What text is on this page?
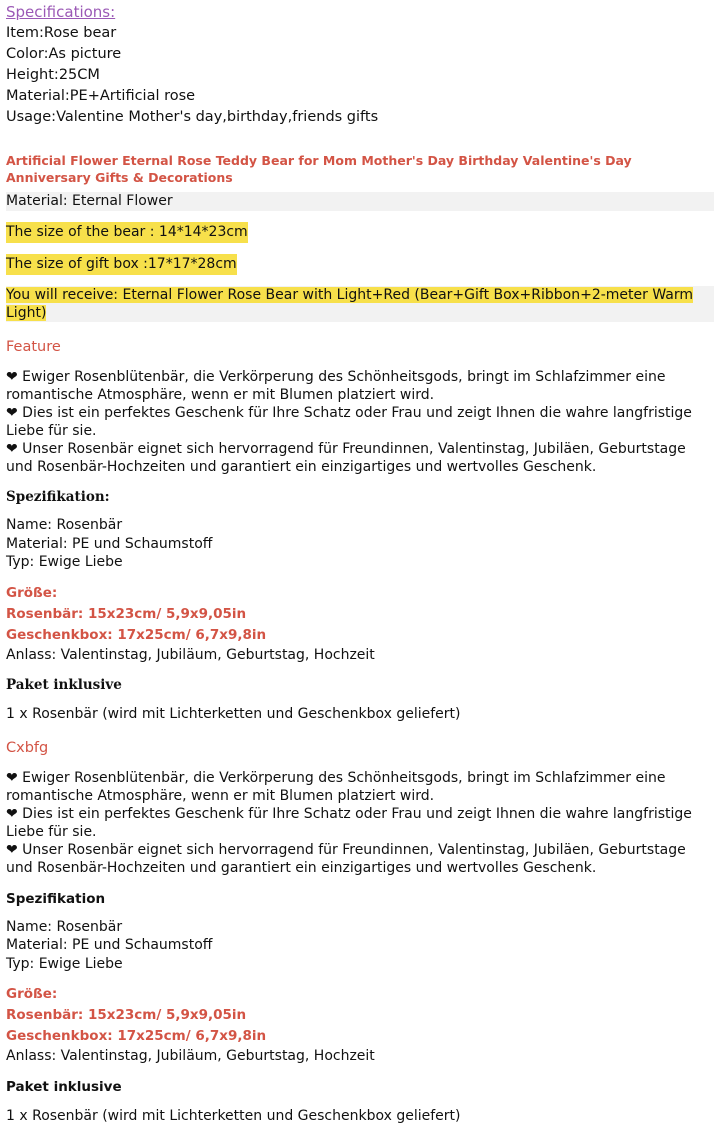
Specifications:

Item:Rose bear
Color:As picture
Height:25CM
Material:PE+Artificial rose
Usage:Valentine Mother's day,birthday,friends gifts

Artificial Flower Eternal Rose Teddy Bear for Mom Mother's Day Birthday Valentine's Day Anniversary Gifts & Decorations

Material: Eternal Flower
The size of the bear : 14*14*23cm
The size of gift box :17*17*28cm
You will receive: Eternal Flower Rose Bear with Light+Red (Bear+Gift Box+Ribbon+2-meter Warm Light)

Feature

❤ Ewiger Rosenblütenbär, die Verkörperung des Schönheitsgods, bringt im Schlafzimmer eine romantische Atmosphäre, wenn er mit Blumen platziert wird.

❤ Dies ist ein perfektes Geschenk für Ihre Schatz oder Frau und zeigt Ihnen die wahre langfristige Liebe für sie.

❤ Unser Rosenbär eignet sich hervorragend für Freundinnen, Valentinstag, Jubiläen, Geburtstage und Rosenbär-Hochzeiten und garantiert ein einzigartiges und wertvolles Geschenk.

Spezifikation:

Name: Rosenbär
Material: PE und Schaumstoff
Typ: Ewige Liebe
Größe:
Rosenbär: 15x23cm/ 5,9x9,05in
Geschenkbox: 17x25cm/ 6,7x9,8in

Anlass: Valentinstag, Jubiläum, Geburtstag, Hochzeit

Paket inklusive

1 x Rosenbär (wird mit Lichterketten und Geschenkbox geliefert)

Cxbfg

❤ Ewiger Rosenblütenbär, die Verkörperung des Schönheitsgods, bringt im Schlafzimmer eine romantische Atmosphäre, wenn er mit Blumen platziert wird.

❤ Dies ist ein perfektes Geschenk für Ihre Schatz oder Frau und zeigt Ihnen die wahre langfristige Liebe für sie.

❤ Unser Rosenbär eignet sich hervorragend für Freundinnen, Valentinstag, Jubiläen, Geburtstage und Rosenbär-Hochzeiten und garantiert ein einzigartiges und wertvolles Geschenk.

Spezifikation

Name: Rosenbär
Material: PE und Schaumstoff
Typ: Ewige Liebe
Größe:
Rosenbär: 15x23cm/ 5,9x9,05in
Geschenkbox: 17x25cm/ 6,7x9,8in

Anlass: Valentinstag, Jubiläum, Geburtstag, Hochzeit

Paket inklusive

1 x Rosenbär (wird mit Lichterketten und Geschenkbox geliefert)
